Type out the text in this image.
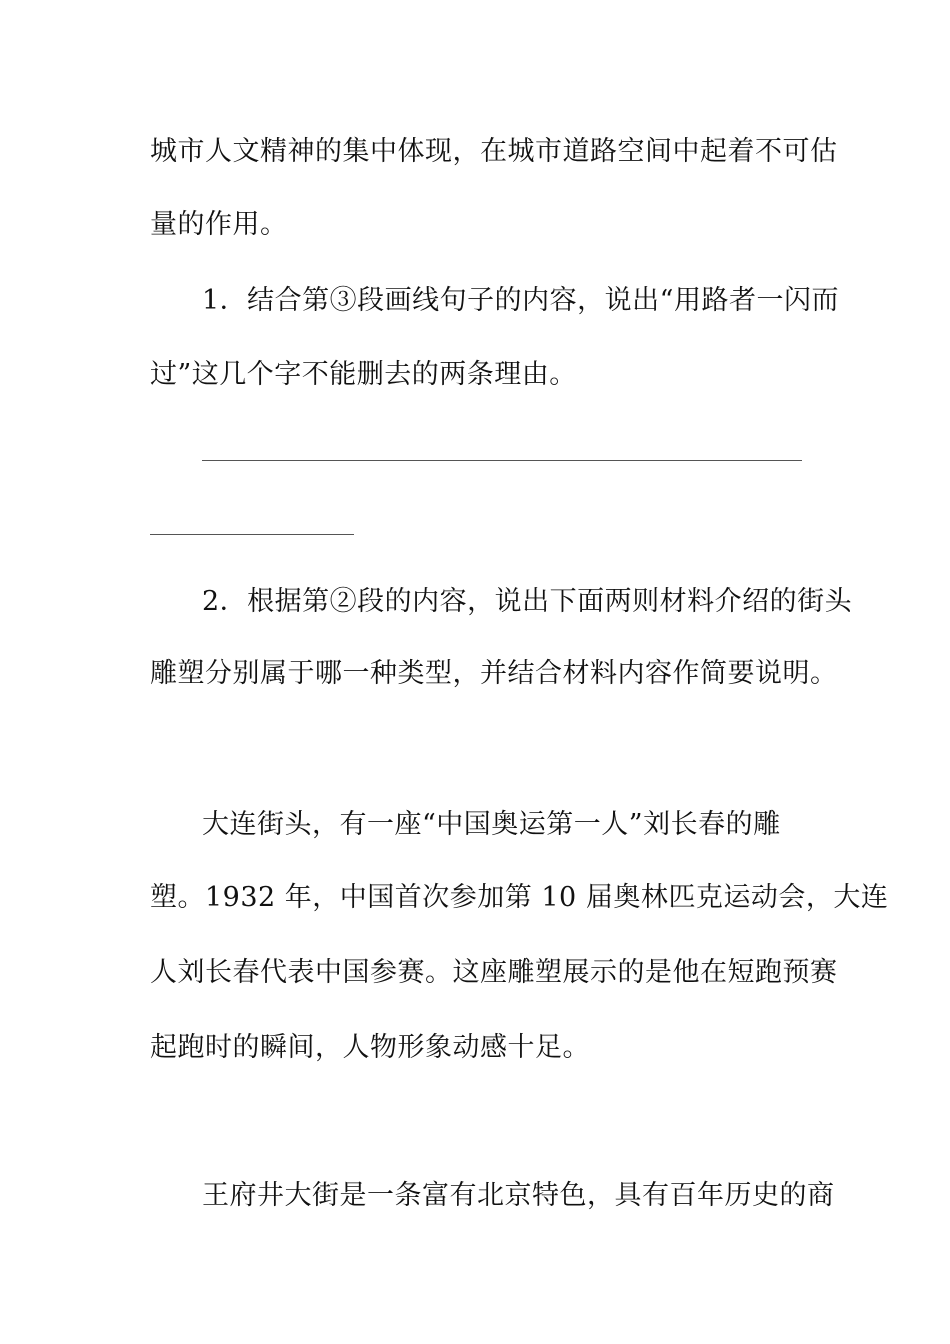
城市人文精神的集中体现，在城市道路空间中起着不可估
量的作用。
1．结合第③段画线句子的内容，说出“用路者一闪而
过”这几个字不能删去的两条理由。
2．根据第②段的内容，说出下面两则材料介绍的街头
雕塑分别属于哪一种类型，并结合材料内容作简要说明。
大连街头，有一座“中国奥运第一人”刘长春的雕
塑。1932 年，中国首次参加第 10 届奥林匹克运动会，大连
人刘长春代表中国参赛。这座雕塑展示的是他在短跑预赛
起跑时的瞬间，人物形象动感十足。
王府井大街是一条富有北京特色，具有百年历史的商
